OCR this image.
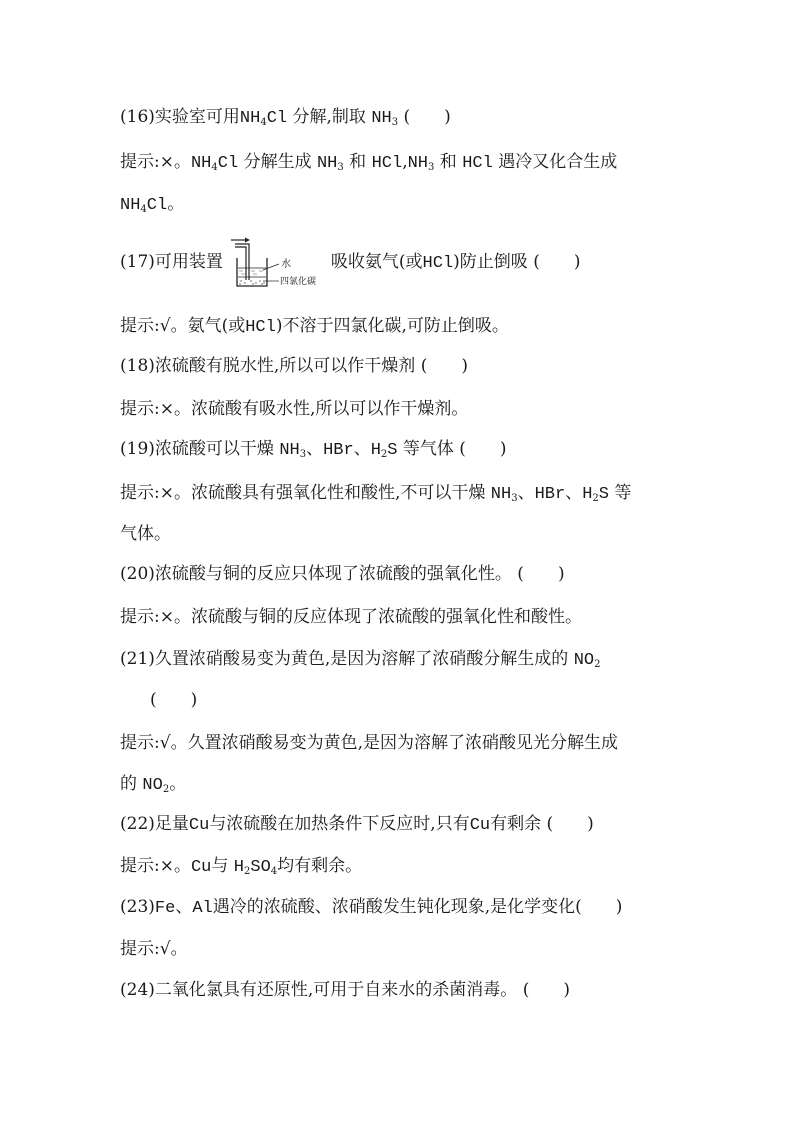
(16)实验室可用$NH_4Cl$ 分解,制取 $NH_3$ (　　)
提示:×。$NH_4Cl$ 分解生成 $NH_3$ 和 $HCl,NH_3$ 和 HCl 遇冷又化合生成
$NH_4Cl$。
(17)可用装置	水
四氯化碳
吸收氨气(或HCl)防止倒吸 (　　)
提示:√。氨气(或HCl)不溶于四氯化碳,可防止倒吸。
(18)浓硫酸有脱水性,所以可以作干燥剂 (　　)
提示:×。浓硫酸有吸水性,所以可以作干燥剂。
(19)浓硫酸可以干燥 $NH_3$、HBr、$H_2S$ 等气体 (　　)
提示:×。浓硫酸具有强氧化性和酸性,不可以干燥 $NH_3$、HBr、$H_2S$ 等
气体。
(20)浓硫酸与铜的反应只体现了浓硫酸的强氧化性。 (　　)
提示:×。浓硫酸与铜的反应体现了浓硫酸的强氧化性和酸性。
(21)久置浓硝酸易变为黄色,是因为溶解了浓硝酸分解生成的 $NO_2$
(　　)
提示:√。久置浓硝酸易变为黄色,是因为溶解了浓硝酸见光分解生成
的 $NO_2$。
(22)足量Cu与浓硫酸在加热条件下反应时,只有Cu有剩余 (　　)
提示:×。Cu与 $H_2SO_4$均有剩余。
(23)Fe、Al遇冷的浓硫酸、浓硝酸发生钝化现象,是化学变化(　　)
提示:√。
(24)二氧化氯具有还原性,可用于自来水的杀菌消毒。 (　　)
